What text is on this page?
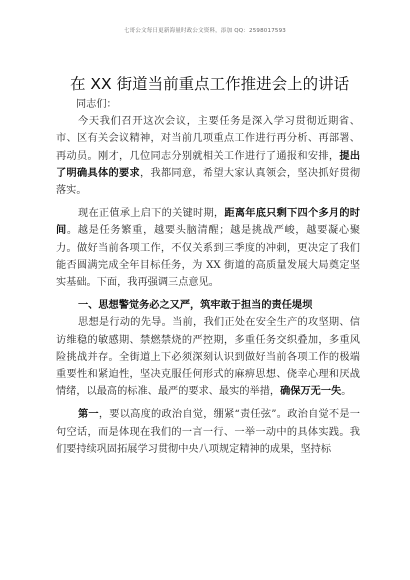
七哥公文每日更新海量时政公文资料，添加 QQ：2598017593
在 XX 街道当前重点工作推进会上的讲话
同志们：

今天我们召开这次会议，主要任务是深入学习贯彻近期省、市、区有关会议精神，对当前几项重点工作进行再分析、再部署、再动员。刚才，几位同志分别就相关工作进行了通报和安排，提出了明确具体的要求，我都同意，希望大家认真领会，坚决抓好贯彻落实。

现在正值承上启下的关键时期，距离年底只剩下四个多月的时间。越是任务繁重，越要头脑清醒；越是挑战严峻，越要凝心聚力。做好当前各项工作，不仅关系到三季度的冲刺，更决定了我们能否圆满完成全年目标任务，为 XX 街道的高质量发展大局奠定坚实基础。下面，我再强调三点意见。

一、思想警觉务必之又严，筑牢敢于担当的责任堤坝

思想是行动的先导。当前，我们正处在安全生产的攻坚期、信访维稳的敏感期、禁燃禁烧的严控期，多重任务交织叠加，多重风险挑战并存。全街道上下必须深刻认识到做好当前各项工作的极端重要性和紧迫性，坚决克服任何形式的麻痹思想、侥幸心理和厌战情绪，以最高的标准、最严的要求、最实的举措，确保万无一失。

第一，要以高度的政治自觉，绷紧“责任弦”。政治自觉不是一句空话，而是体现在我们的一言一行、一举一动中的具体实践。我们要持续巩固拓展学习贯彻中央八项规定精神的成果，坚持标
